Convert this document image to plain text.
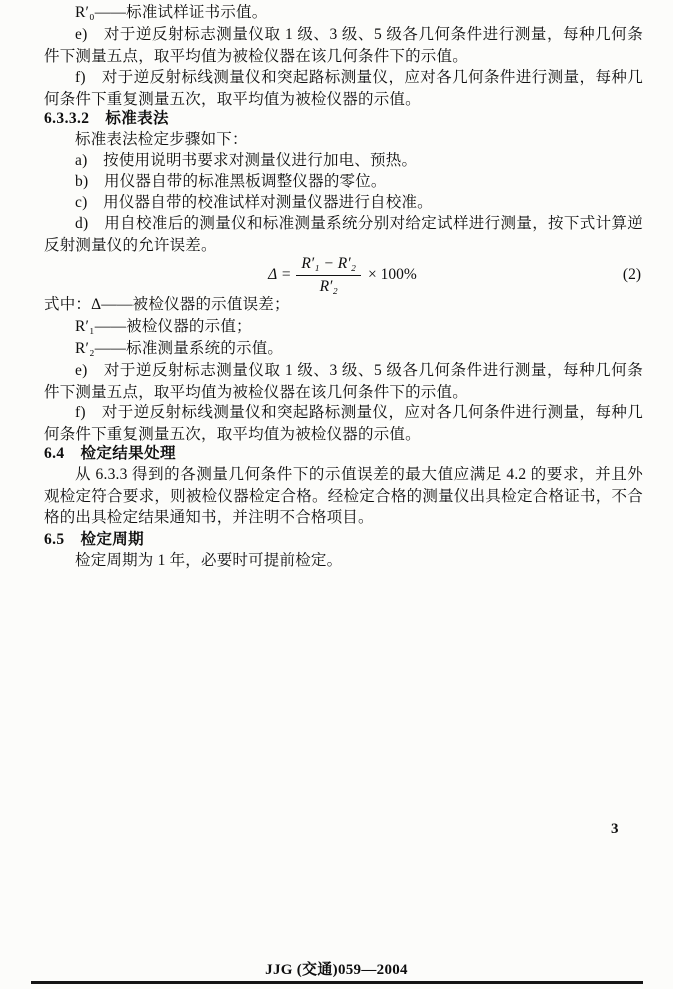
R′₀——标准试样证书示值。
e)　对于逆反射标志测量仪取 1 级、3 级、5 级各几何条件进行测量，每种几何条件下测量五点，取平均值为被检仪器在该几何条件下的示值。
f)　对于逆反射标线测量仪和突起路标测量仪，应对各几何条件进行测量，每种几何条件下重复测量五次，取平均值为被检仪器的示值。
6.3.3.2　标准表法
标准表法检定步骤如下：
a)　按使用说明书要求对测量仪进行加电、预热。
b)　用仪器自带的标准黑板调整仪器的零位。
c)　用仪器自带的校准试样对测量仪器进行自校准。
d)　用自校准后的测量仪和标准测量系统分别对给定试样进行测量，按下式计算逆反射测量仪的允许误差。
$\Delta = \frac{\text{R′₁ − R′₂}}{\text{R′₂}} \times 100\%$	(2)
式中：Δ——被检仪器的示值误差；
R′₁——被检仪器的示值；
R′₂——标准测量系统的示值。
e)　对于逆反射标志测量仪取 1 级、3 级、5 级各几何条件进行测量，每种几何条件下测量五点，取平均值为被检仪器在该几何条件下的示值。
f)　对于逆反射标线测量仪和突起路标测量仪，应对各几何条件进行测量，每种几何条件下重复测量五次，取平均值为被检仪器的示值。
6.4　检定结果处理
从 6.3.3 得到的各测量几何条件下的示值误差的最大值应满足 4.2 的要求，并且外观检定符合要求，则被检仪器检定合格。经检定合格的测量仪出具检定合格证书，不合格的出具检定结果通知书，并注明不合格项目。
6.5　检定周期
检定周期为 1 年，必要时可提前检定。
3
JJG (交通)059—2004
